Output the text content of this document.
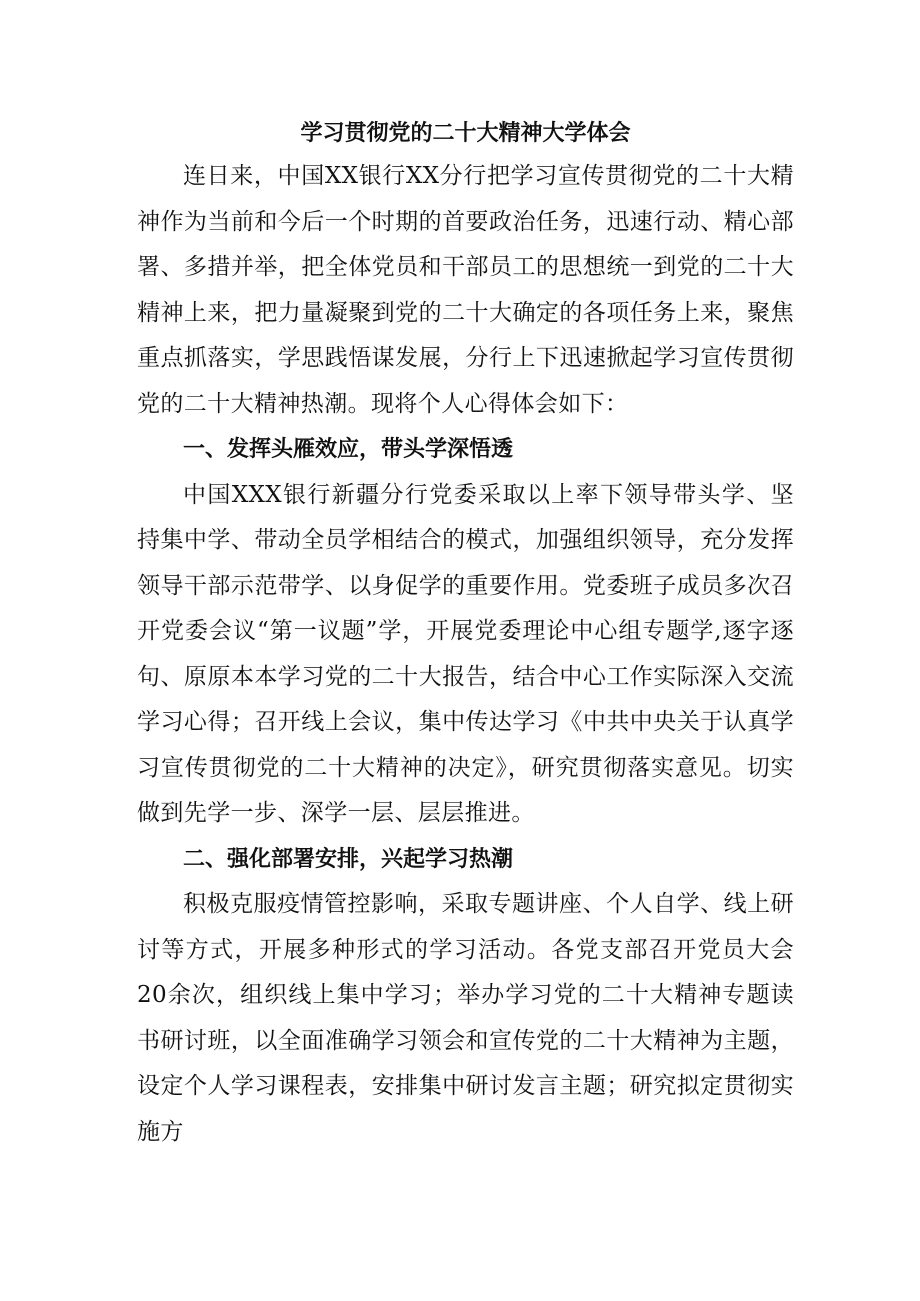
学习贯彻党的二十大精神大学体会

连日来，中国XX银行XX分行把学习宣传贯彻党的二十大精神作为当前和今后一个时期的首要政治任务，迅速行动、精心部署、多措并举，把全体党员和干部员工的思想统一到党的二十大精神上来，把力量凝聚到党的二十大确定的各项任务上来，聚焦重点抓落实，学思践悟谋发展，分行上下迅速掀起学习宣传贯彻党的二十大精神热潮。现将个人心得体会如下：

一、发挥头雁效应，带头学深悟透

中国XXX银行新疆分行党委采取以上率下领导带头学、坚持集中学、带动全员学相结合的模式，加强组织领导，充分发挥领导干部示范带学、以身促学的重要作用。党委班子成员多次召开党委会议“第一议题”学，开展党委理论中心组专题学,逐字逐句、原原本本学习党的二十大报告，结合中心工作实际深入交流学习心得；召开线上会议，集中传达学习《中共中央关于认真学习宣传贯彻党的二十大精神的决定》，研究贯彻落实意见。切实做到先学一步、深学一层、层层推进。

二、强化部署安排，兴起学习热潮

积极克服疫情管控影响，采取专题讲座、个人自学、线上研讨等方式，开展多种形式的学习活动。各党支部召开党员大会20余次，组织线上集中学习；举办学习党的二十大精神专题读书研讨班，以全面准确学习领会和宣传党的二十大精神为主题，设定个人学习课程表，安排集中研讨发言主题；研究拟定贯彻实施方
